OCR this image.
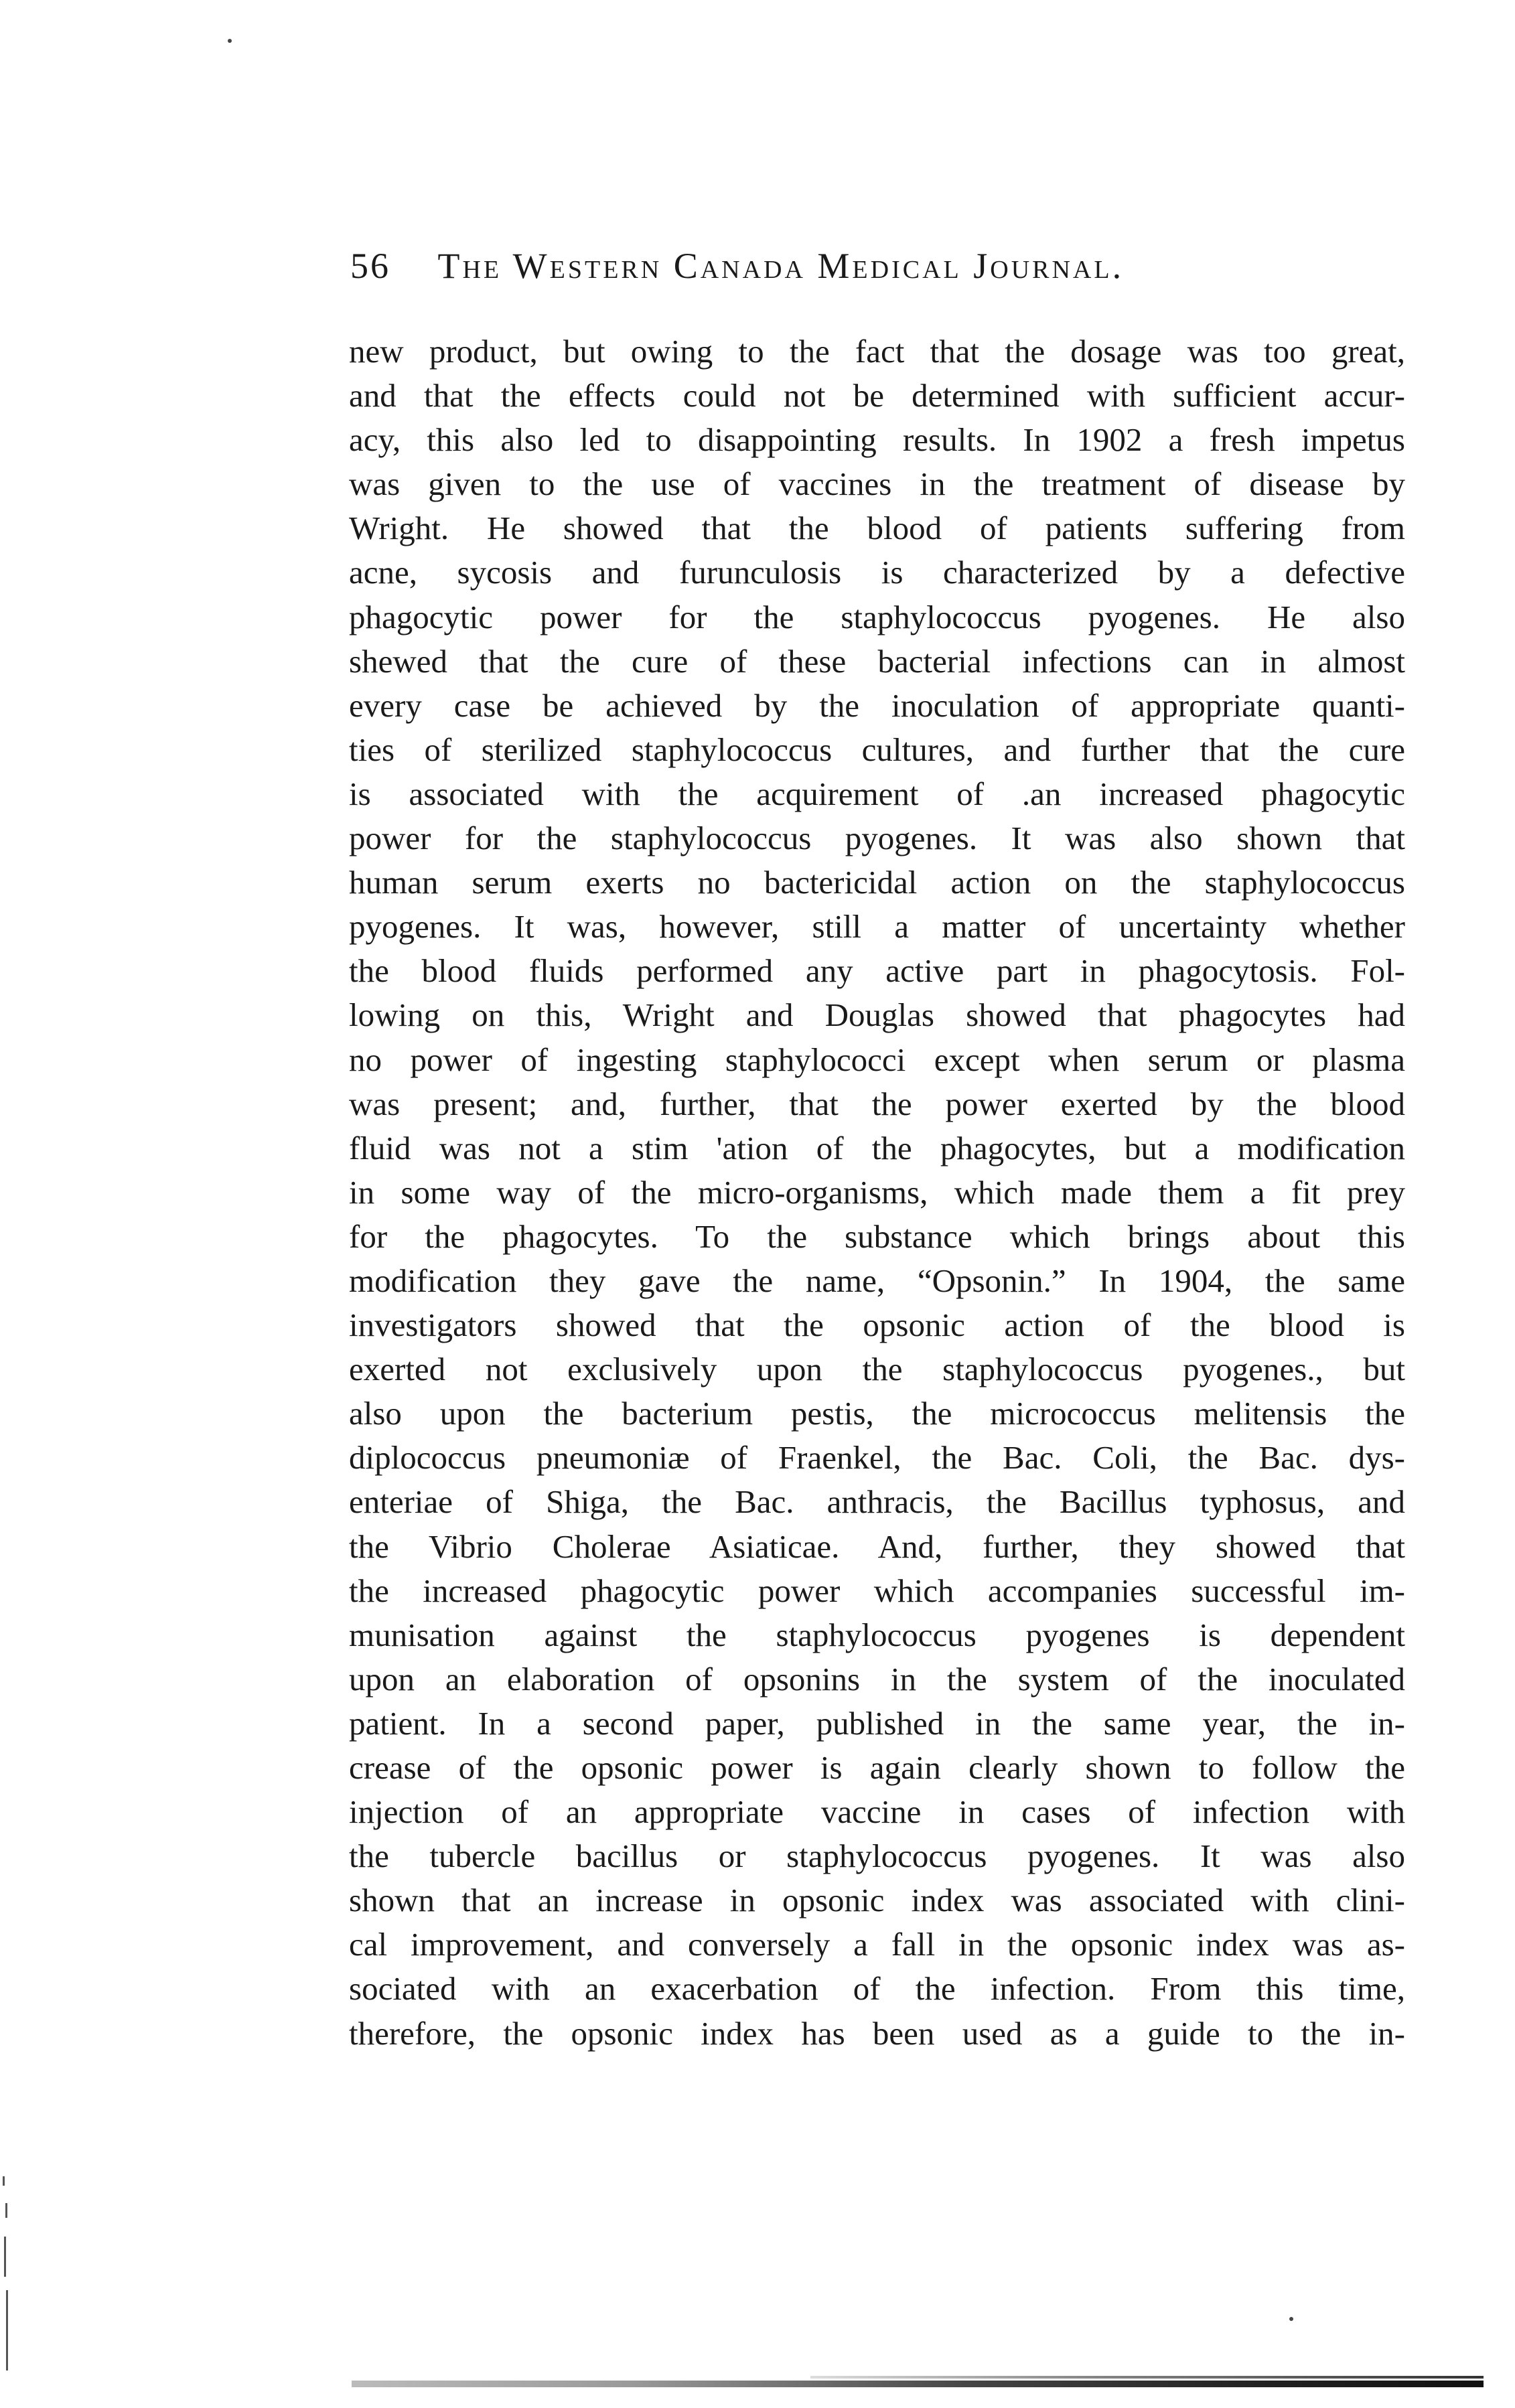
56 The Western Canada Medical Journal.
new product, but owing to the fact that the dosage was too great,
and that the effects could not be determined with sufficient accur-
acy, this also led to disappointing results. In 1902 a fresh impetus
was given to the use of vaccines in the treatment of disease by
Wright. He showed that the blood of patients suffering from
acne, sycosis and furunculosis is characterized by a defective
phagocytic power for the staphylococcus pyogenes. He also
shewed that the cure of these bacterial infections can in almost
every case be achieved by the inoculation of appropriate quanti-
ties of sterilized staphylococcus cultures, and further that the cure
is associated with the acquirement of .an increased phagocytic
power for the staphylococcus pyogenes. It was also shown that
human serum exerts no bactericidal action on the staphylococcus
pyogenes. It was, however, still a matter of uncertainty whether
the blood fluids performed any active part in phagocytosis. Fol-
lowing on this, Wright and Douglas showed that phagocytes had
no power of ingesting staphylococci except when serum or plasma
was present; and, further, that the power exerted by the blood
fluid was not a stim 'ation of the phagocytes, but a modification
in some way of the micro-organisms, which made them a fit prey
for the phagocytes. To the substance which brings about this
modification they gave the name, “Opsonin.” In 1904, the same
investigators showed that the opsonic action of the blood is
exerted not exclusively upon the staphylococcus pyogenes., but
also upon the bacterium pestis, the micrococcus melitensis the
diplococcus pneumoniæ of Fraenkel, the Bac. Coli, the Bac. dys-
enteriae of Shiga, the Bac. anthracis, the Bacillus typhosus, and
the Vibrio Cholerae Asiaticae. And, further, they showed that
the increased phagocytic power which accompanies successful im-
munisation against the staphylococcus pyogenes is dependent
upon an elaboration of opsonins in the system of the inoculated
patient. In a second paper, published in the same year, the in-
crease of the opsonic power is again clearly shown to follow the
injection of an appropriate vaccine in cases of infection with
the tubercle bacillus or staphylococcus pyogenes. It was also
shown that an increase in opsonic index was associated with clini-
cal improvement, and conversely a fall in the opsonic index was as-
sociated with an exacerbation of the infection. From this time,
therefore, the opsonic index has been used as a guide to the in-
